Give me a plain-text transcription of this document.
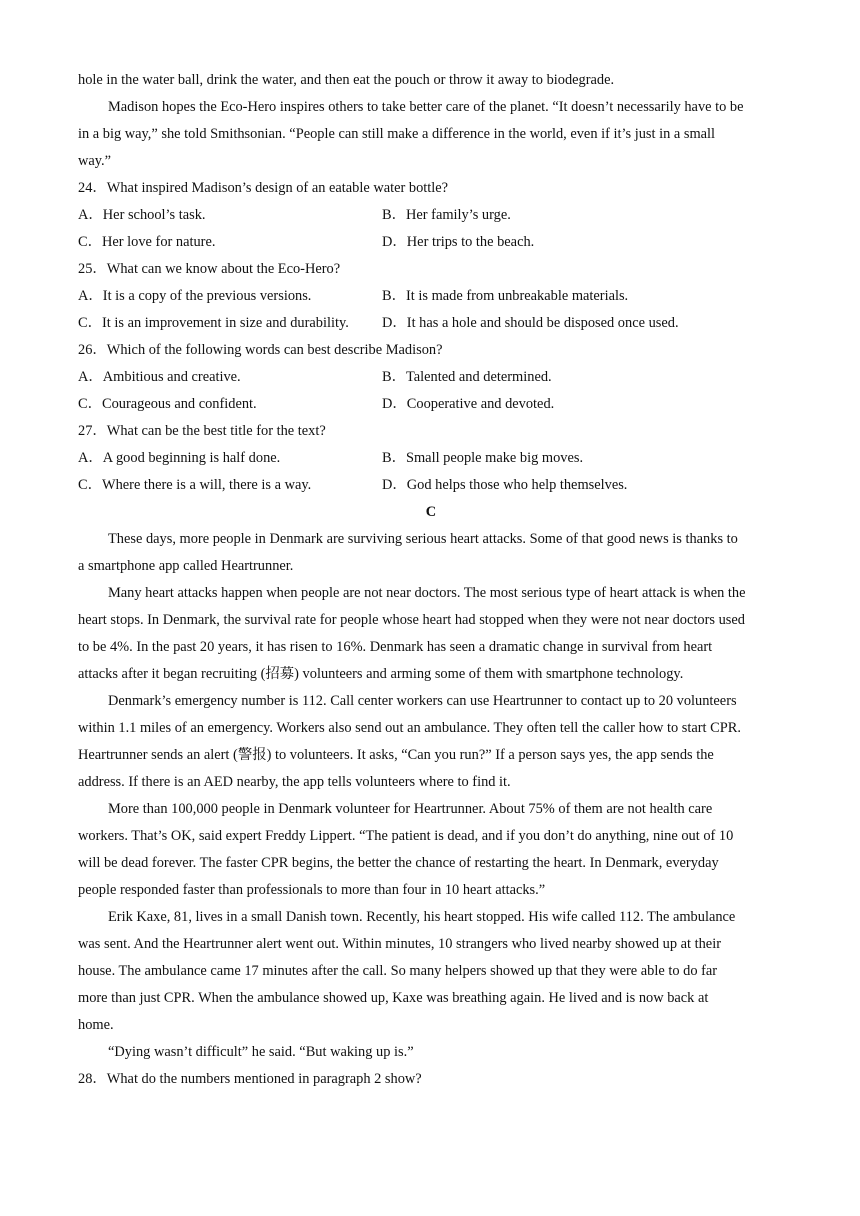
hole in the water ball, drink the water, and then eat the pouch or throw it away to biodegrade.
Madison hopes the Eco-Hero inspires others to take better care of the planet. “It doesn’t necessarily have to be
in a big way,” she told Smithsonian. “People can still make a difference in the world, even if it’s just in a small
way.”
24．What inspired Madison’s design of an eatable water bottle?
A．Her school’s task.	B．Her family’s urge.
C．Her love for nature.	D．Her trips to the beach.
25．What can we know about the Eco-Hero?
A．It is a copy of the previous versions.	B．It is made from unbreakable materials.
C．It is an improvement in size and durability.	D．It has a hole and should be disposed once used.
26．Which of the following words can best describe Madison?
A．Ambitious and creative.	B．Talented and determined.
C．Courageous and confident.	D．Cooperative and devoted.
27．What can be the best title for the text?
A．A good beginning is half done.	B．Small people make big moves.
C．Where there is a will, there is a way.	D．God helps those who help themselves.
C
These days, more people in Denmark are surviving serious heart attacks. Some of that good news is thanks to
a smartphone app called Heartrunner.
Many heart attacks happen when people are not near doctors. The most serious type of heart attack is when the
heart stops. In Denmark, the survival rate for people whose heart had stopped when they were not near doctors used
to be 4%. In the past 20 years, it has risen to 16%. Denmark has seen a dramatic change in survival from heart
attacks after it began recruiting (招募) volunteers and arming some of them with smartphone technology.
Denmark’s emergency number is 112. Call center workers can use Heartrunner to contact up to 20 volunteers
within 1.1 miles of an emergency. Workers also send out an ambulance. They often tell the caller how to start CPR.
Heartrunner sends an alert (警报) to volunteers. It asks, “Can you run?” If a person says yes, the app sends the
address. If there is an AED nearby, the app tells volunteers where to find it.
More than 100,000 people in Denmark volunteer for Heartrunner. About 75% of them are not health care
workers. That’s OK, said expert Freddy Lippert. “The patient is dead, and if you don’t do anything, nine out of 10
will be dead forever. The faster CPR begins, the better the chance of restarting the heart. In Denmark, everyday
people responded faster than professionals to more than four in 10 heart attacks.”
Erik Kaxe, 81, lives in a small Danish town. Recently, his heart stopped. His wife called 112. The ambulance
was sent. And the Heartrunner alert went out. Within minutes, 10 strangers who lived nearby showed up at their
house. The ambulance came 17 minutes after the call. So many helpers showed up that they were able to do far
more than just CPR. When the ambulance showed up, Kaxe was breathing again. He lived and is now back at
home.
“Dying wasn’t difficult” he said. “But waking up is.”
28．What do the numbers mentioned in paragraph 2 show?
